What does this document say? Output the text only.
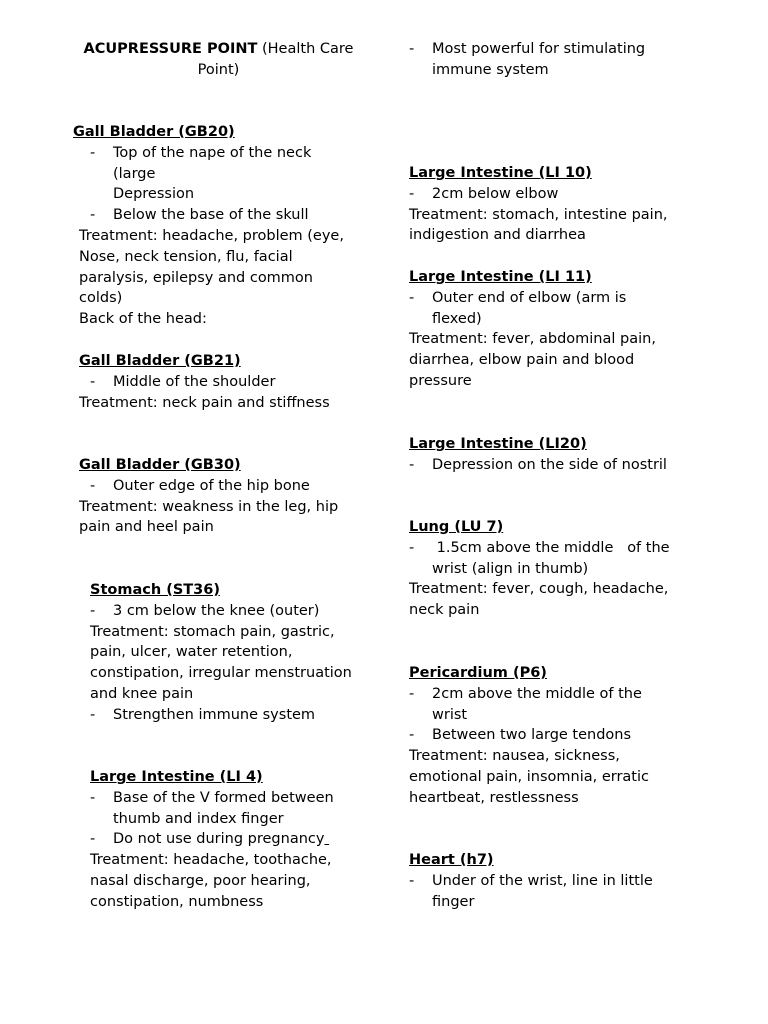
ACUPRESSURE POINT (Health Care
Point)
Gall Bladder (GB20)
- Top of the nape of the neck
(large
Depression
- Below the base of the skull
Treatment: headache, problem (eye,
Nose, neck tension, flu, facial
paralysis, epilepsy and common
colds)
Back of the head:
Gall Bladder (GB21)
- Middle of the shoulder
Treatment: neck pain and stiffness
Gall Bladder (GB30)
- Outer edge of the hip bone
Treatment: weakness in the leg, hip
pain and heel pain
Stomach (ST36)
- 3 cm below the knee (outer)
Treatment: stomach pain, gastric,
pain, ulcer, water retention,
constipation, irregular menstruation
and knee pain
- Strengthen immune system
Large Intestine (LI 4)
- Base of the V formed between
thumb and index finger
- Do not use during pregnancy
Treatment: headache, toothache,
nasal discharge, poor hearing,
constipation, numbness
- Most powerful for stimulating
immune system
Large Intestine (LI 10)
- 2cm below elbow
Treatment: stomach, intestine pain,
indigestion and diarrhea
Large Intestine (LI 11)
- Outer end of elbow (arm is
flexed)
Treatment: fever, abdominal pain,
diarrhea, elbow pain and blood
pressure
Large Intestine (LI20)
- Depression on the side of nostril
Lung (LU 7)
- 1.5cm above the middle   of the
wrist (align in thumb)
Treatment: fever, cough, headache,
neck pain
Pericardium (P6)
- 2cm above the middle of the
wrist
- Between two large tendons
Treatment: nausea, sickness,
emotional pain, insomnia, erratic
heartbeat, restlessness
Heart (h7)
- Under of the wrist, line in little
finger
